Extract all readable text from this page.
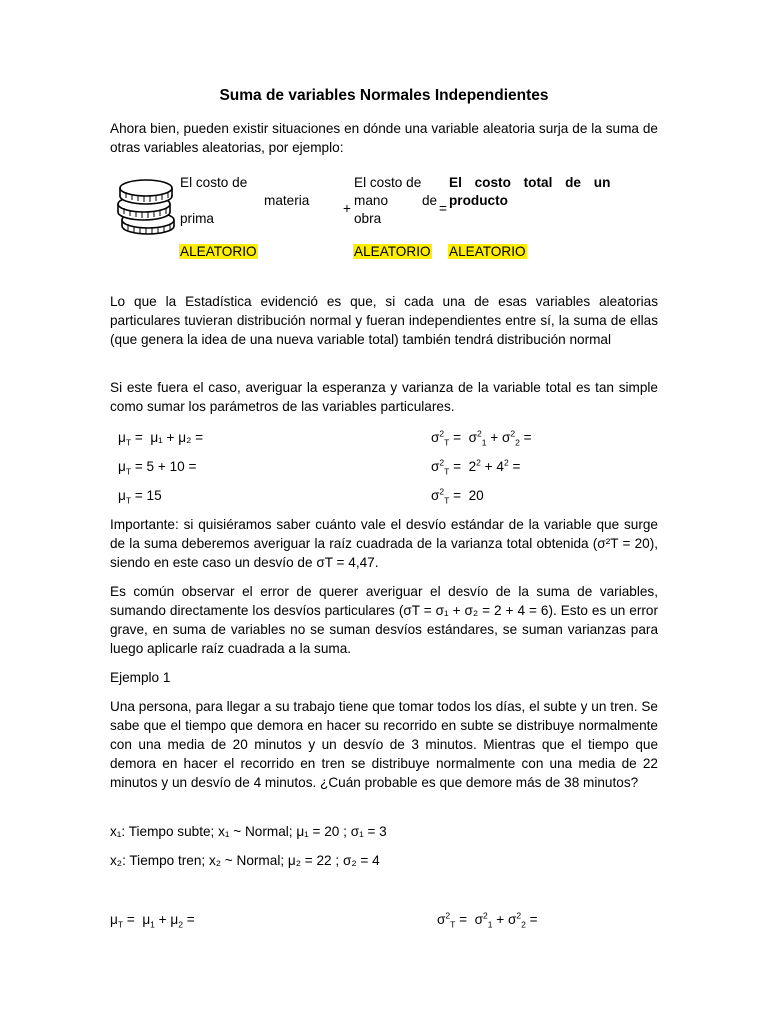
Suma de variables Normales Independientes
Ahora bien, pueden existir situaciones en dónde una variable aleatoria surja de la suma de otras variables aleatorias, por ejemplo:
El costo de
materia
prima
+
El costo de
mano de
obra
=
El costo total de un
producto
ALEATORIO	ALEATORIO ALEATORIO
Lo que la Estadística evidenció es que, si cada una de esas variables aleatorias particulares tuvieran distribución normal y fueran independientes entre sí, la suma de ellas (que genera la idea de una nueva variable total) también tendrá distribución normal
Si este fuera el caso, averiguar la esperanza y varianza de la variable total es tan simple como sumar los parámetros de las variables particulares.
$\mu_T = \mu_1 + \mu_2$ =
$\mu_T = 5 + 10$ =
$\mu_T = 15$
$\sigma^2_T = \sigma^2_1 + \sigma^2_2$ =
$\sigma^2_T = 2^2 + 4^2$ =
$\sigma^2_T = 20$
Importante: si quisiéramos saber cuánto vale el desvío estándar de la variable que surge de la suma deberemos averiguar la raíz cuadrada de la varianza total obtenida (σ²T = 20), siendo en este caso un desvío de σT = 4,47.
Es común observar el error de querer averiguar el desvío de la suma de variables, sumando directamente los desvíos particulares (σT = σ₁ + σ₂ = 2 + 4 = 6). Esto es un error grave, en suma de variables no se suman desvíos estándares, se suman varianzas para luego aplicarle raíz cuadrada a la suma.
Ejemplo 1
Una persona, para llegar a su trabajo tiene que tomar todos los días, el subte y un tren. Se sabe que el tiempo que demora en hacer su recorrido en subte se distribuye normalmente con una media de 20 minutos y un desvío de 3 minutos. Mientras que el tiempo que demora en hacer el recorrido en tren se distribuye normalmente con una media de 22 minutos y un desvío de 4 minutos. ¿Cuán probable es que demore más de 38 minutos?
x₁: Tiempo subte; x₁ ~ Normal; μ₁ = 20 ; σ₁ = 3
x₂: Tiempo tren; x₂ ~ Normal; μ₂ = 22 ; σ₂ = 4
$\mu_T = \mu_1 + \mu_2$ =	$\sigma^2_T = \sigma^2_1 + \sigma^2_2$ =
